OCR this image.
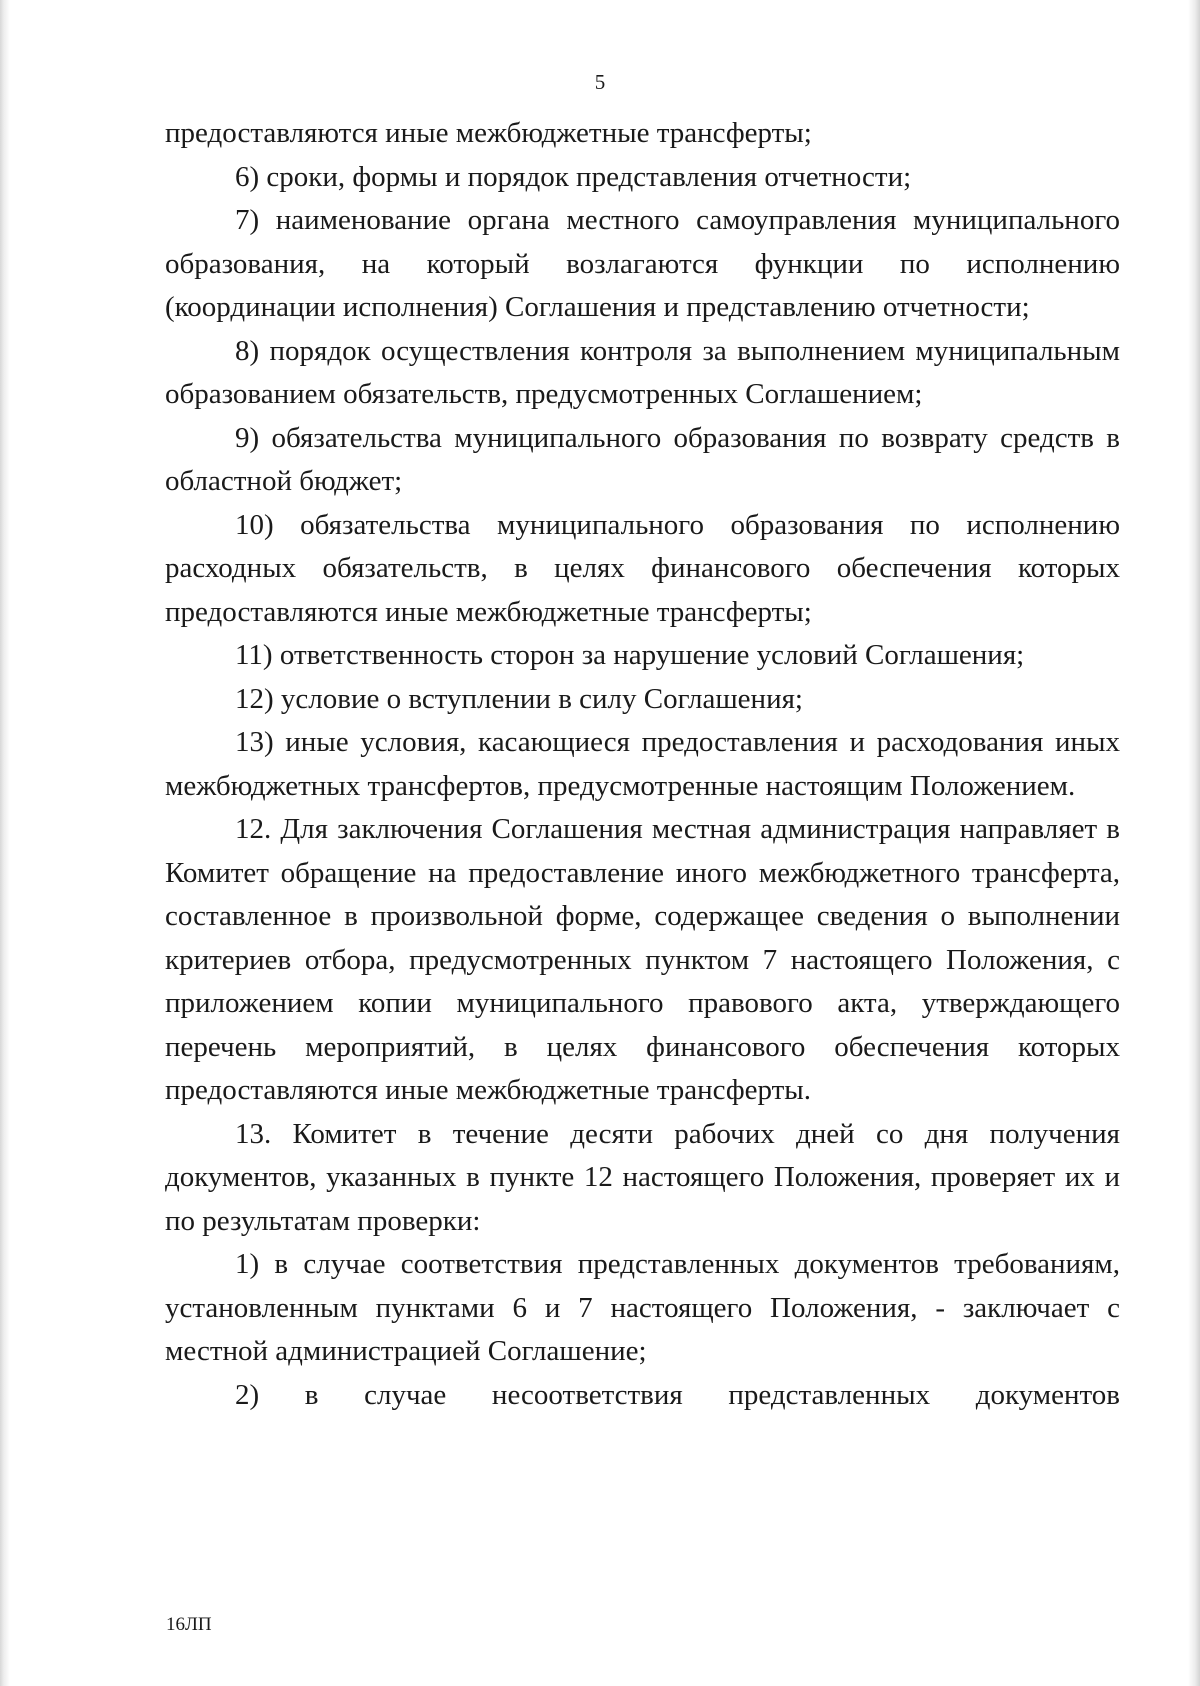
5

предоставляются иные межбюджетные трансферты;

6) сроки, формы и порядок представления отчетности;

7) наименование органа местного самоуправления муниципального образования, на который возлагаются функции по исполнению (координации исполнения) Соглашения и представлению отчетности;

8) порядок осуществления контроля за выполнением муниципальным образованием обязательств, предусмотренных Соглашением;

9) обязательства муниципального образования по возврату средств в областной бюджет;

10) обязательства муниципального образования по исполнению расходных обязательств, в целях финансового обеспечения которых предоставляются иные межбюджетные трансферты;

11) ответственность сторон за нарушение условий Соглашения;

12) условие о вступлении в силу Соглашения;

13) иные условия, касающиеся предоставления и расходования иных межбюджетных трансфертов, предусмотренные настоящим Положением.

12. Для заключения Соглашения местная администрация направляет в Комитет обращение на предоставление иного межбюджетного трансферта, составленное в произвольной форме, содержащее сведения о выполнении критериев отбора, предусмотренных пунктом 7 настоящего Положения, с приложением копии муниципального правового акта, утверждающего перечень мероприятий, в целях финансового обеспечения которых предоставляются иные межбюджетные трансферты.

13. Комитет в течение десяти рабочих дней со дня получения документов, указанных в пункте 12 настоящего Положения, проверяет их и по результатам проверки:

1) в случае соответствия представленных документов требованиям, установленным пунктами 6 и 7 настоящего Положения, - заключает с местной администрацией Соглашение;

2) в случае несоответствия представленных документов

16ЛП
